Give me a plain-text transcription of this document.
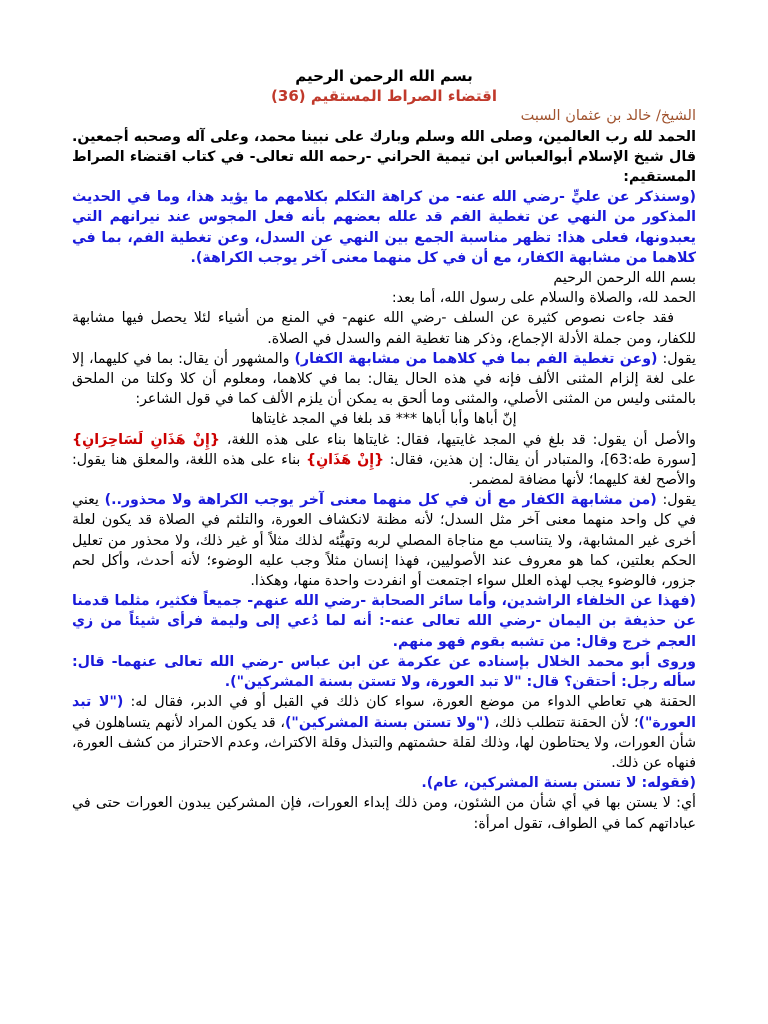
بسم الله الرحمن الرحيم
اقتضاء الصراط المستقيم (36)
الشيخ/ خالد بن عثمان السبت
الحمد لله رب العالمين، وصلى الله وسلم وبارك على نبينا محمد، وعلى آله وصحبه أجمعين. قال شيخ الإسلام أبوالعباس ابن تيمية الحراني -رحمه الله تعالى- في كتاب اقتضاء الصراط المستقيم:
(وسنذكر عن عليٍّ -رضي الله عنه- من كراهة التكلم بكلامهم ما يؤيد هذا، وما في الحديث المذكور من النهي عن تغطية الفم قد علله بعضهم بأنه فعل المجوس عند نيرانهم التي يعبدونها، فعلى هذا: تظهر مناسبة الجمع بين النهي عن السدل، وعن تغطية الفم، بما في كلاهما من مشابهة الكفار، مع أن في كل منهما معنى آخر يوجب الكراهة).
بسم الله الرحمن الرحيم
الحمد لله، والصلاة والسلام على رسول الله، أما بعد:
فقد جاءت نصوص كثيرة عن السلف -رضي الله عنهم- في المنع من أشياء لئلا يحصل فيها مشابهة للكفار، ومن جملة الأدلة الإجماع، وذكر هنا تغطية الفم والسدل في الصلاة.
يقول: (وعن تغطية الفم بما في كلاهما من مشابهة الكفار) والمشهور أن يقال: بما في كليهما، إلا على لغة إلزام المثنى الألف فإنه في هذه الحال يقال: بما في كلاهما، ومعلوم أن كلا وكلتا من الملحق بالمثنى وليس من المثنى الأصلي، والمثنى وما ألحق به يمكن أن يلزم الألف كما في قول الشاعر:
إنّ أباها وأبا أباها *** قد بلغا في المجد غايتاها
والأصل أن يقول: قد بلغ في المجد غايتيها، فقال: غايتاها بناء على هذه اللغة، {إِنْ هَذَانِ لَسَاحِرَانِ} [سورة طه:63]، والمتبادر أن يقال: إن هذين، فقال: {إِنْ هَذَانِ} بناء على هذه اللغة، والمعلق هنا يقول: والأصح لغة كليهما؛ لأنها مضافة لمضمر.
يقول: (من مشابهة الكفار مع أن في كل منهما معنى آخر يوجب الكراهة ولا محذور..) يعني في كل واحد منهما معنى آخر مثل السدل؛ لأنه مظنة لانكشاف العورة، والتلثم في الصلاة قد يكون لعلة أخرى غير المشابهة، ولا يتناسب مع مناجاة المصلي لربه وتهيُّئه لذلك مثلاً أو غير ذلك، ولا محذور من تعليل الحكم بعلتين، كما هو معروف عند الأصوليين، فهذا إنسان مثلاً وجب عليه الوضوء؛ لأنه أحدث، وأكل لحم جزور، فالوضوء يجب لهذه العلل سواء اجتمعت أو انفردت واحدة منها، وهكذا.
(فهذا عن الخلفاء الراشدين، وأما سائر الصحابة -رضي الله عنهم- جميعاً فكثير، مثلما قدمنا عن حذيفة بن اليمان -رضي الله تعالى عنه-: أنه لما دُعي إلى وليمة فرأى شيئاً من زي العجم خرج وقال: من تشبه بقوم فهو منهم.
وروى أبو محمد الخلال بإسناده عن عكرمة عن ابن عباس -رضي الله تعالى عنهما- قال: سأله رجل: أحتقن؟ قال: "لا تبد العورة، ولا تستن بسنة المشركين").
الحقنة هي تعاطي الدواء من موضع العورة، سواء كان ذلك في القبل أو في الدبر، فقال له: ("لا تبد العورة")؛ لأن الحقنة تتطلب ذلك، ("ولا تستن بسنة المشركين")، قد يكون المراد لأنهم يتساهلون في شأن العورات، ولا يحتاطون لها، وذلك لقلة حشمتهم والتبذل وقلة الاكتراث، وعدم الاحتراز من كشف العورة، فنهاه عن ذلك.
(فقوله: لا تستن بسنة المشركين، عام).
أي: لا يستن بها في أي شأن من الشئون، ومن ذلك إبداء العورات، فإن المشركين يبدون العورات حتى في عباداتهم كما في الطواف، تقول امرأة:
